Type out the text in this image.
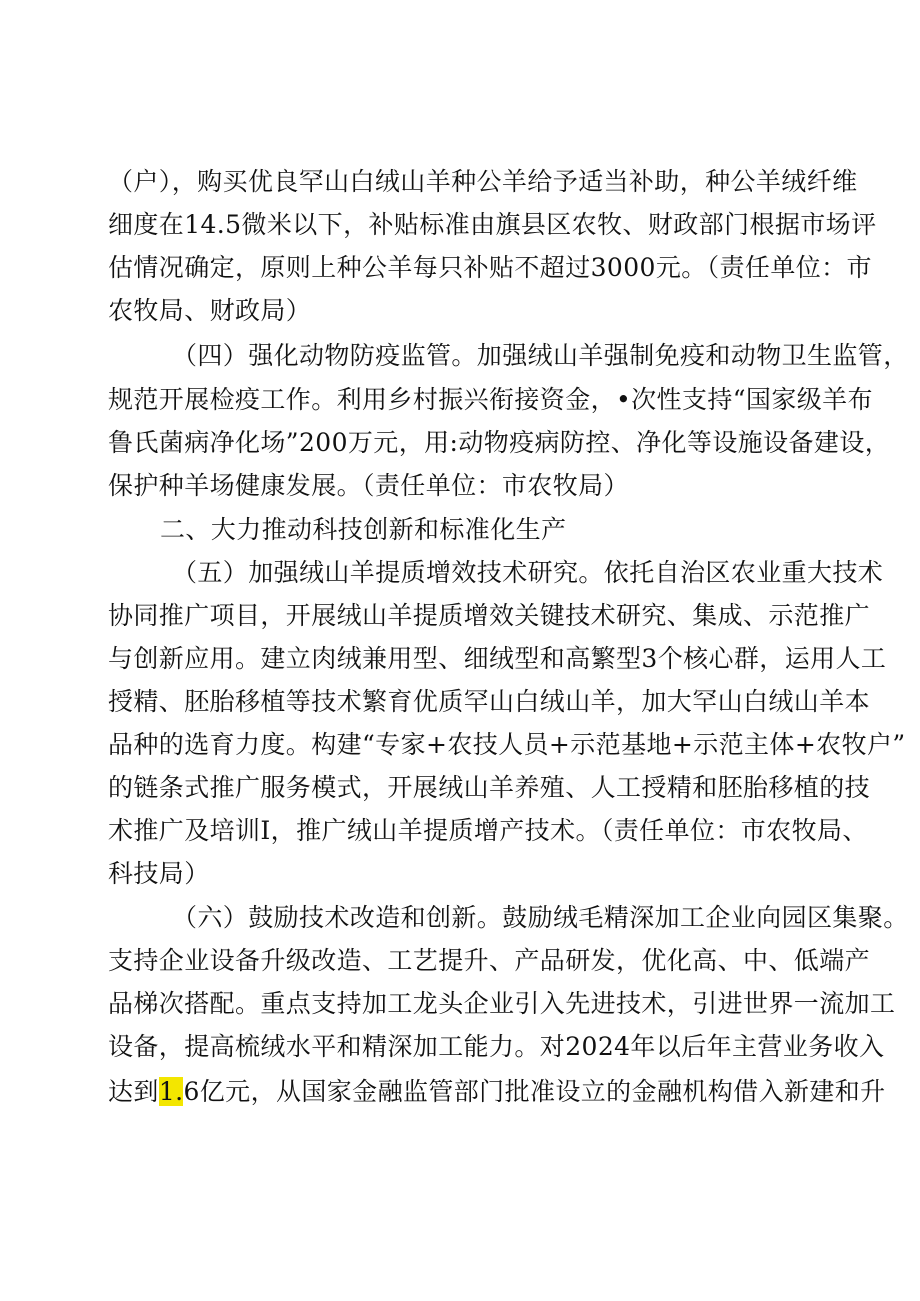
（户），购买优良罕山白绒山羊种公羊给予适当补助，种公羊绒纤维
细度在14.5微米以下，补贴标准由旗县区农牧、财政部门根据市场评
估情况确定，原则上种公羊每只补贴不超过3000元。（责任单位：市
农牧局、财政局）
（四）强化动物防疫监管。加强绒山羊强制免疫和动物卫生监管，
规范开展检疫工作。利用乡村振兴衔接资金，•次性支持“国家级羊布
鲁氏菌病净化场”200万元，用:动物疫病防控、净化等设施设备建设，
保护种羊场健康发展。（责任单位：市农牧局）
二、大力推动科技创新和标准化生产
（五）加强绒山羊提质增效技术研究。依托自治区农业重大技术
协同推广项目，开展绒山羊提质增效关键技术研究、集成、示范推广
与创新应用。建立肉绒兼用型、细绒型和高繁型3个核心群，运用人工
授精、胚胎移植等技术繁育优质罕山白绒山羊，加大罕山白绒山羊本
品种的选育力度。构建“专家+农技人员+示范基地+示范主体+农牧户”
的链条式推广服务模式，开展绒山羊养殖、人工授精和胚胎移植的技
术推广及培训I，推广绒山羊提质增产技术。（责任单位：市农牧局、
科技局）
（六）鼓励技术改造和创新。鼓励绒毛精深加工企业向园区集聚。
支持企业设备升级改造、工艺提升、产品研发，优化高、中、低端产
品梯次搭配。重点支持加工龙头企业引入先进技术，引进世界一流加工
设备，提高梳绒水平和精深加工能力。对2024年以后年主营业务收入
达到1.6亿元，从国家金融监管部门批准设立的金融机构借入新建和升
